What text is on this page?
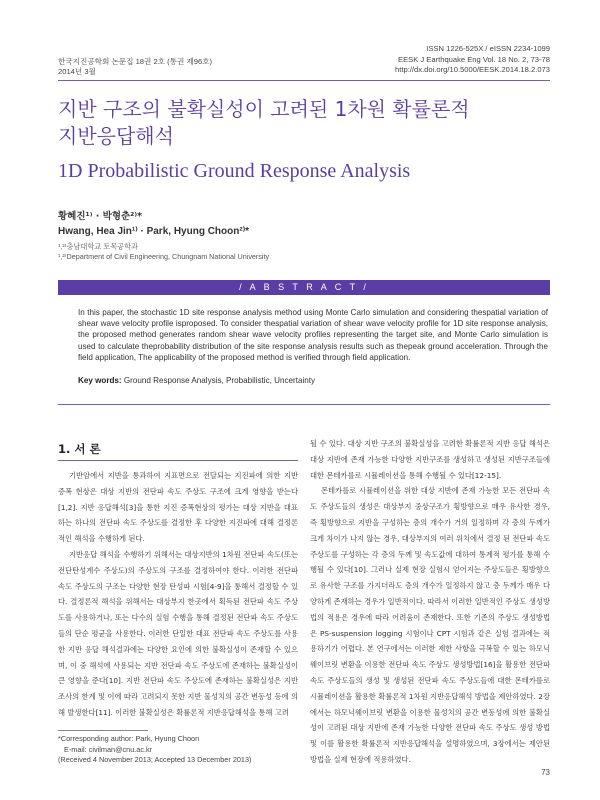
한국지진공학회 논문집 18권 2호 (통권 제96호)
2014년 3월
ISSN 1226-525X / eISSN 2234-1099
EESK J Earthquake Eng Vol. 18 No. 2, 73-78
http://dx.doi.org/10.5000/EESK.2014.18.2.073
지반 구조의 불확실성이 고려된 1차원 확률론적
지반응답해석
1D Probabilistic Ground Response Analysis
황혜진¹⁾ · 박형춘²⁾*
Hwang, Hea Jin¹⁾ · Park, Hyung Choon²⁾*
¹,²⁾충남대학교 토목공학과
¹,²⁾Department of Civil Engineering, Chungnam National University
/ A B S T R A C T /
In this paper, the stochastic 1D site response analysis method using Monte Carlo simulation and considering thespatial variation of shear wave velocity profile isproposed. To consider thespatial variation of shear wave velocity profile for 1D site response analysis, the proposed method generates random shear wave velocity profiles representing the target site, and Monte Carlo simulation is used to calculate theprobability distribution of the site response analysis results such as thepeak ground acceleration. Through the field application, The applicability of the proposed method is verified through field application.
Key words: Ground Response Analysis, Probabilistic, Uncertainty
1. 서 론

기반암에서 지반을 통과하여 지표면으로 전달되는 지진파에 의한 지반 증폭 현상은 대상 지반의 전단파 속도 주상도 구조에 크게 영향을 받는다[1,2]. 지반 응답해석[3]을 통한 지진 증폭현상의 평가는 대상 지반을 대표하는 하나의 전단파 속도 주상도를 결정한 후 다양한 지진파에 대해 결정론적인 해석을 수행하게 된다.

지반응답 해석을 수행하기 위해서는 대상지반의 1차원 전단파 속도(또는 전단탄성계수 주상도)의 주상도의 구조를 결정하여야 한다. 이러한 전단파 속도 주상도의 구조는 다양한 현장 탄성파 시험[4-9]을 통해서 결정할 수 있다. 결정론적 해석을 위해서는 대상부지 한곳에서 획득된 전단파 속도 주상도를 사용하거나, 또는 다수의 실험 수행을 통해 결정된 전단파 속도 주상도들의 단순 평균을 사용한다. 이러한 단일한 대표 전단파 속도 주상도를 사용한 지반 응답 해석결과에는 다양한 요인에 의한 불확실성이 존재할 수 있으며, 이 중 해석에 사용되는 지반 전단파 속도 주상도에 존재하는 불확실성이 큰 영향을 준다[10]. 지반 전단파 속도 주상도에 존재하는 불확실성은 지반 조사의 한계 및 이에 따라 고려되지 못한 지반 물성치의 공간 변동성 등에 의해 발생한다[11]. 이러한 불확실성은 확률론적 지반응답해석을 통해 고려

될 수 있다. 대상 지반 구조의 불확실성을 고려한 확률론적 지반 응답 해석은 대상 지반에 존재 가능한 다양한 지반구조를 생성하고 생성된 지반구조들에 대한 몬테카를로 시뮬레이션을 통해 수행될 수 있다[12-15].

몬테카를로 시뮬레이션을 위한 대상 지반에 존재 가능한 모든 전단파 속도 주상도들의 생성은 대상부지 중상구조가 횡방향으로 매우 유사한 경우, 즉 횡방향으로 지반을 구성하는 층의 개수가 거의 일정하며 각 층의 두께가 크게 차이가 나지 않는 경우, 대상부지의 여러 위치에서 결정 된 전단파 속도 주상도를 구성하는 각 층의 두께 및 속도값에 대하여 통계적 평가를 통해 수행될 수 있다[10]. 그러나 실제 현장 실험시 얻어지는 주상도들은 횡방향으로 유사한 구조를 가지더라도 층의 개수가 일정하지 않고 층 두께가 매우 다양하게 존재하는 경우가 일반적이다. 따라서 이러한 일반적인 주상도 생성방법의 적용은 경우에 따라 어려움이 존재한다. 또한 기존의 주상도 생성방법은 PS-suspension logging 시험이나 CPT 시험과 같은 실험 결과에는 적용하기가 어렵다. 본 연구에서는 이러한 제한 사항을 극복할 수 있는 하모닉 웨이브릿 변환을 이용한 전단파 속도 주상도 생성방법[16]을 활용한 전단파 속도 주상도들의 생성 및 생성된 전단파 속도 주상도들에 대한 몬테카를로 시뮬레이션을 활용한 확률론적 1차원 지반응답해석 방법을 제안하였다. 2장에서는 하모닉웨이브릿 변환을 이용한 물성치의 공간 변동성에 의한 불확실성이 고려된 대상 지반에 존재 가능한 다양한 전단파 속도 주상도 생성 방법 및 이를 활용한 확률론적 지반응답해석을 설명하였으며, 3장에서는 제안된 방법을 실제 현장에 적용하였다.

*Corresponding author: Park, Hyung Choon
E-mail: civilman@cnu.ac.kr
(Received 4 November 2013; Accepted 13 December 2013)
73
